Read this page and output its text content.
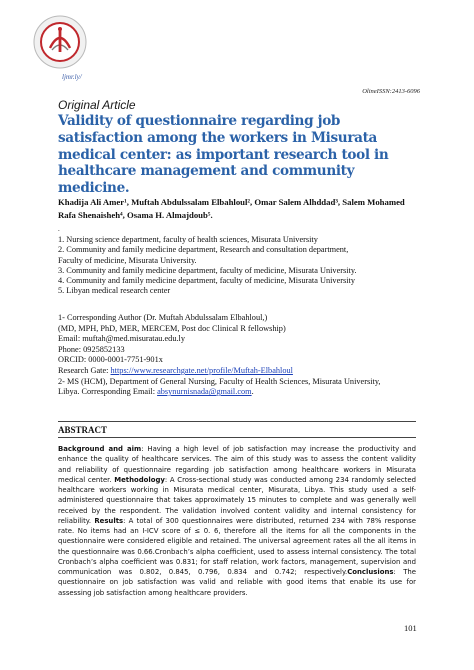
ljmr.ly/
OlineISSN:2413-6096
Original Article
Validity of questionnaire regarding job satisfaction among the workers in Misurata medical center: as important research tool in healthcare management and community medicine.

Khadija Ali Amer¹, Muftah Abdulssalam Elbahloul², Omar Salem Alhddad³, Salem Mohamed Rafa Shenaisheh⁴, Osama H. Almajdoub⁵.

.
1. Nursing science department, faculty of health sciences, Misurata University
2. Community and family medicine department, Research and consultation department,
Faculty of medicine, Misurata University.
3. Community and family medicine department, faculty of medicine, Misurata University.
4. Community and family medicine department, faculty of medicine, Misurata University
5. Libyan medical research center
1- Corresponding Author (Dr. Muftah Abdulssalam Elbahloul,)
(MD, MPH, PhD, MER, MERCEM, Post doc Clinical R fellowship)
Email: muftah@med.misuratau.edu.ly
Phone: 0925852133
ORCID: 0000-0001-7751-901x
Research Gate: https://www.researchgate.net/profile/Muftah-Elbahloul
2- MS (HCM), Department of General Nursing, Faculty of Health Sciences, Misurata University,
Libya. Corresponding Email: absynurnisnada@gmail.com.
ABSTRACT

Background and aim: Having a high level of job satisfaction may increase the productivity and enhance the quality of healthcare services. The aim of this study was to assess the content validity and reliability of questionnaire regarding job satisfaction among healthcare workers in Misurata medical center. Methodology: A Cross-sectional study was conducted among 234 randomly selected healthcare workers working in Misurata medical center, Misurata, Libya. This study used a self-administered questionnaire that takes approximately 15 minutes to complete and was generally well received by the respondent. The validation involved content validity and internal consistency for reliability. Results: A total of 300 questionnaires were distributed, returned 234 with 78% response rate. No items had an I-ICV score of ≤ 0. 6, therefore all the items for all the components in the questionnaire were considered eligible and retained. The universal agreement rates all the all items in the questionnaire was 0.66.Cronbach’s alpha coefficient, used to assess internal consistency. The total Cronbach’s alpha coefficient was 0.831; for staff relation, work factors, management, supervision and communication was 0.802, 0.845, 0.796, 0.834 and 0.742; respectively.Conclusions: The questionnaire on job satisfaction was valid and reliable with good items that enable its use for assessing job satisfaction among healthcare providers.

101
